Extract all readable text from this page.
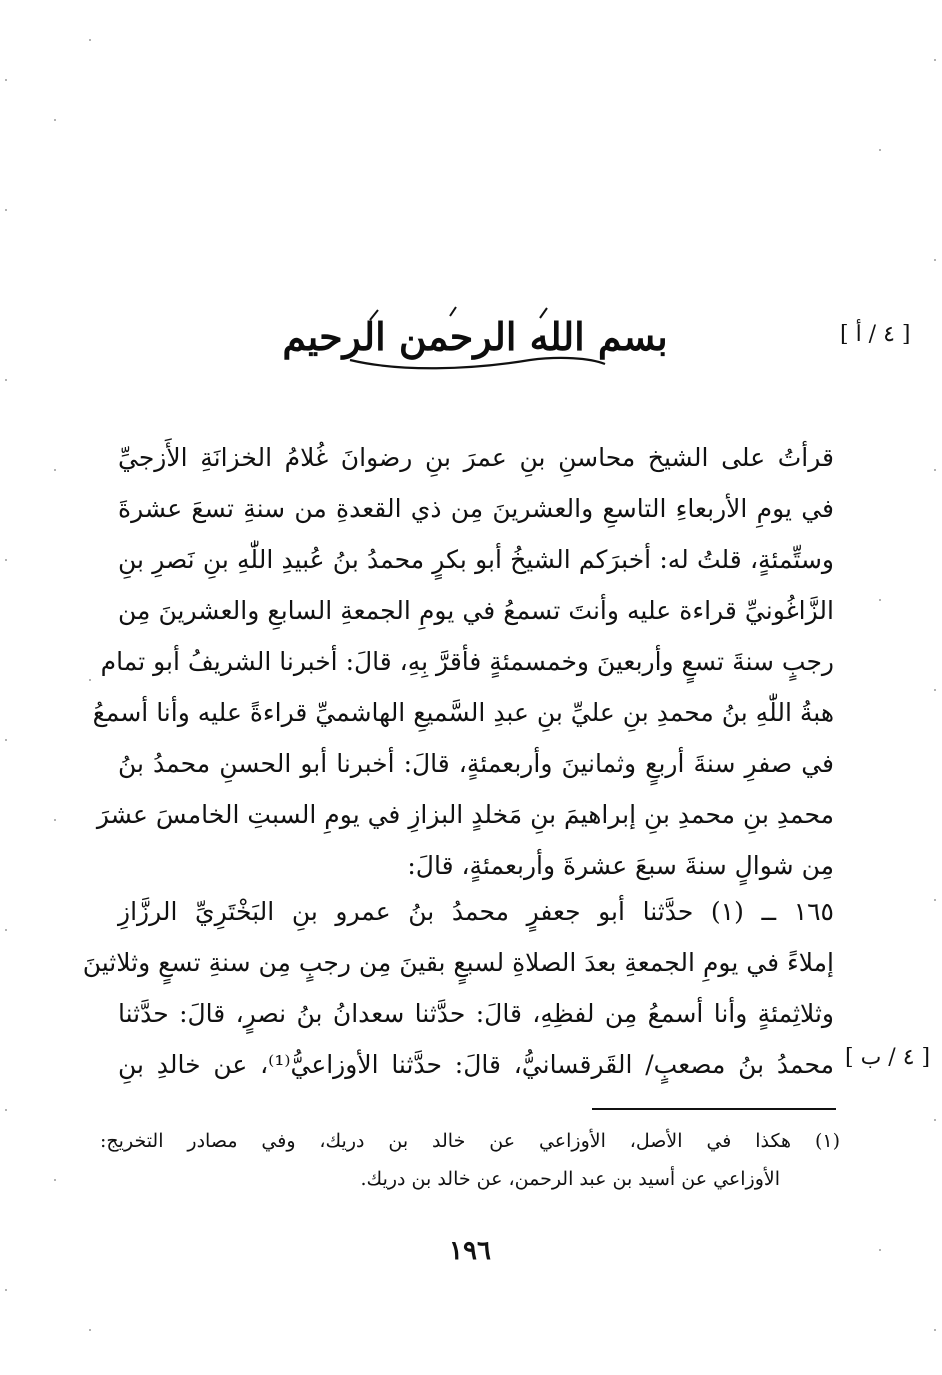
بسم الله الرحمن الرحيم	[ ٤ / أ ]
قرأتُ على الشيخ محاسنِ بنِ عمرَ بنِ رضوانَ غُلامُ الخزانَةِ الأَزجيِّ
في يومِ الأربعاءِ التاسعِ والعشرينَ مِن ذي القعدةِ من سنةِ تسعَ عشرةَ
وستِّمئةٍ، قلتُ له: أخبرَكم الشيخُ أبو بكرٍ محمدُ بنُ عُبيدِ اللّٰهِ بنِ نَصرِ بنِ
الزَّاغُونيِّ قراءة عليه وأنتَ تسمعُ في يومِ الجمعةِ السابعِ والعشرينَ مِن
رجبٍ سنةَ تسعٍ وأربعينَ وخمسمئةٍ فأقرَّ بِهِ، قالَ: أخبرنا الشريفُ أبو تمام
هبةُ اللّٰهِ بنُ محمدِ بنِ عليِّ بنِ عبدِ السَّميعِ الهاشميِّ قراءةً عليه وأنا أسمعُ
في صفرِ سنةَ أربعٍ وثمانينَ وأربعمئةٍ، قالَ: أخبرنا أبو الحسنِ محمدُ بنُ
محمدِ بنِ محمدِ بنِ إبراهيمَ بنِ مَخلدٍ البزازِ في يومِ السبتِ الخامسَ عشرَ
مِن شوالٍ سنةَ سبعَ عشرةَ وأربعمئةٍ، قالَ:
١٦٥ ــ (١) حدَّثنا أبو جعفرٍ محمدُ بنُ عمرو بنِ البَخْتَرِيِّ الرزَّازِ
إملاءً في يومِ الجمعةِ بعدَ الصلاةِ لسبعٍ بقينَ مِن رجبٍ مِن سنةِ تسعٍ وثلاثينَ
وثلاثِمئةٍ وأنا أسمعُ مِن لفظِهِ، قالَ: حدَّثنا سعدانُ بنُ نصرٍ، قالَ: حدَّثنا
محمدُ بنُ مصعبٍ/ القَرقسانيُّ، قالَ: حدَّثنا الأوزاعيُّ⁽¹⁾، عن خالدِ بنِ [ ٤ / ب ]
(١) هكذا في الأصل، الأوزاعي عن خالد بن دريك، وفي مصادر التخريج:
الأوزاعي عن أسيد بن عبد الرحمن، عن خالد بن دريك.
١٩٦
